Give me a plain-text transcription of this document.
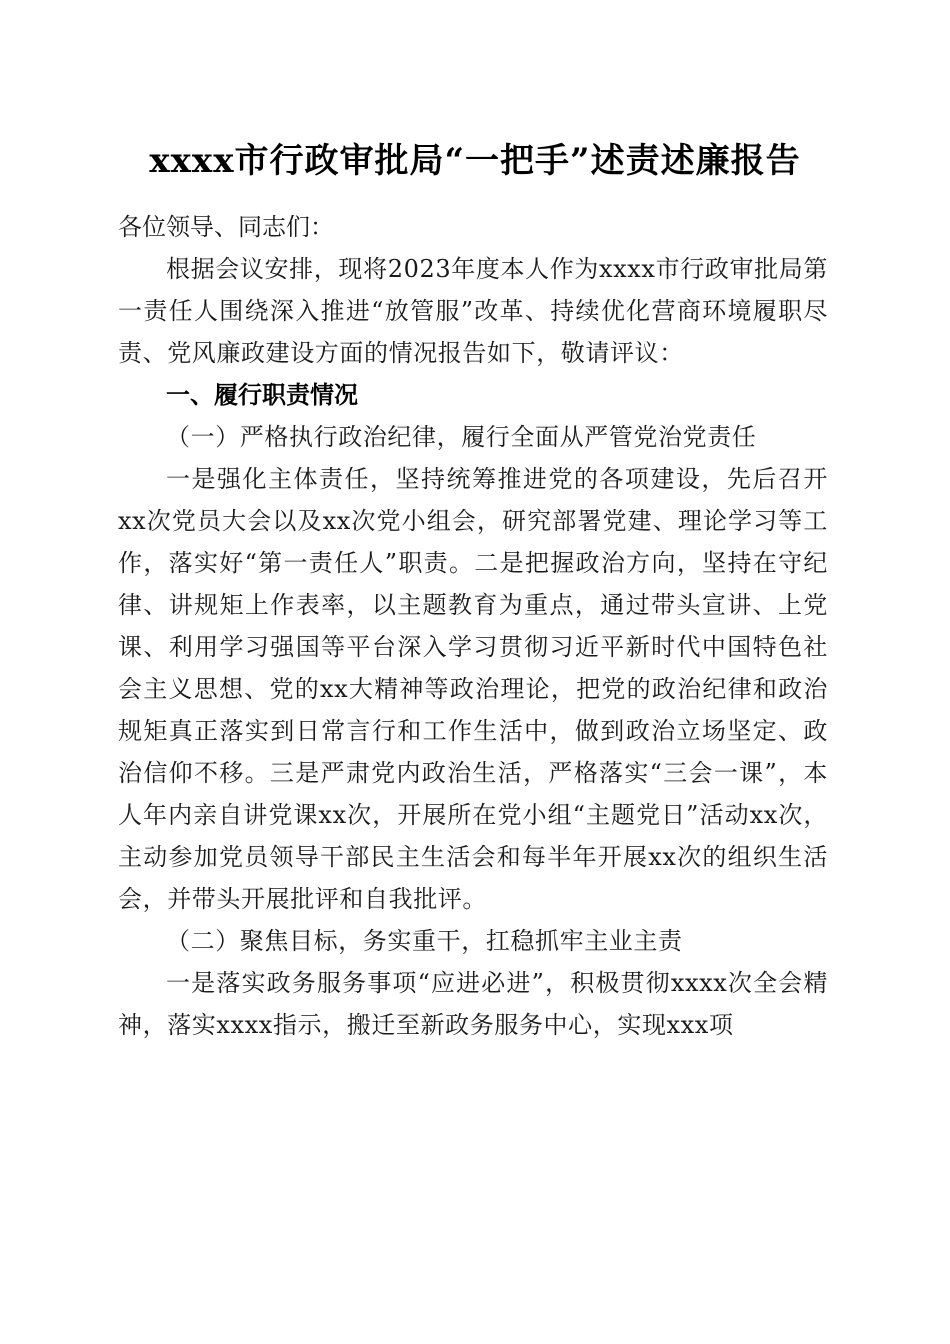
xxxx市行政审批局“一把手”述责述廉报告
各位领导、同志们：

根据会议安排，现将2023年度本人作为xxxx市行政审批局第一责任人围绕深入推进“放管服”改革、持续优化营商环境履职尽责、党风廉政建设方面的情况报告如下，敬请评议：

一、履行职责情况

（一）严格执行政治纪律，履行全面从严管党治党责任

一是强化主体责任，坚持统筹推进党的各项建设，先后召开xx次党员大会以及xx次党小组会，研究部署党建、理论学习等工作，落实好“第一责任人”职责。二是把握政治方向，坚持在守纪律、讲规矩上作表率，以主题教育为重点，通过带头宣讲、上党课、利用学习强国等平台深入学习贯彻习近平新时代中国特色社会主义思想、党的xx大精神等政治理论，把党的政治纪律和政治规矩真正落实到日常言行和工作生活中，做到政治立场坚定、政治信仰不移。三是严肃党内政治生活，严格落实“三会一课”，本人年内亲自讲党课xx次，开展所在党小组“主题党日”活动xx次，主动参加党员领导干部民主生活会和每半年开展xx次的组织生活会，并带头开展批评和自我批评。

（二）聚焦目标，务实重干，扛稳抓牢主业主责

一是落实政务服务事项“应进必进”，积极贯彻xxxx次全会精神，落实xxxx指示，搬迁至新政务服务中心，实现xxx项
